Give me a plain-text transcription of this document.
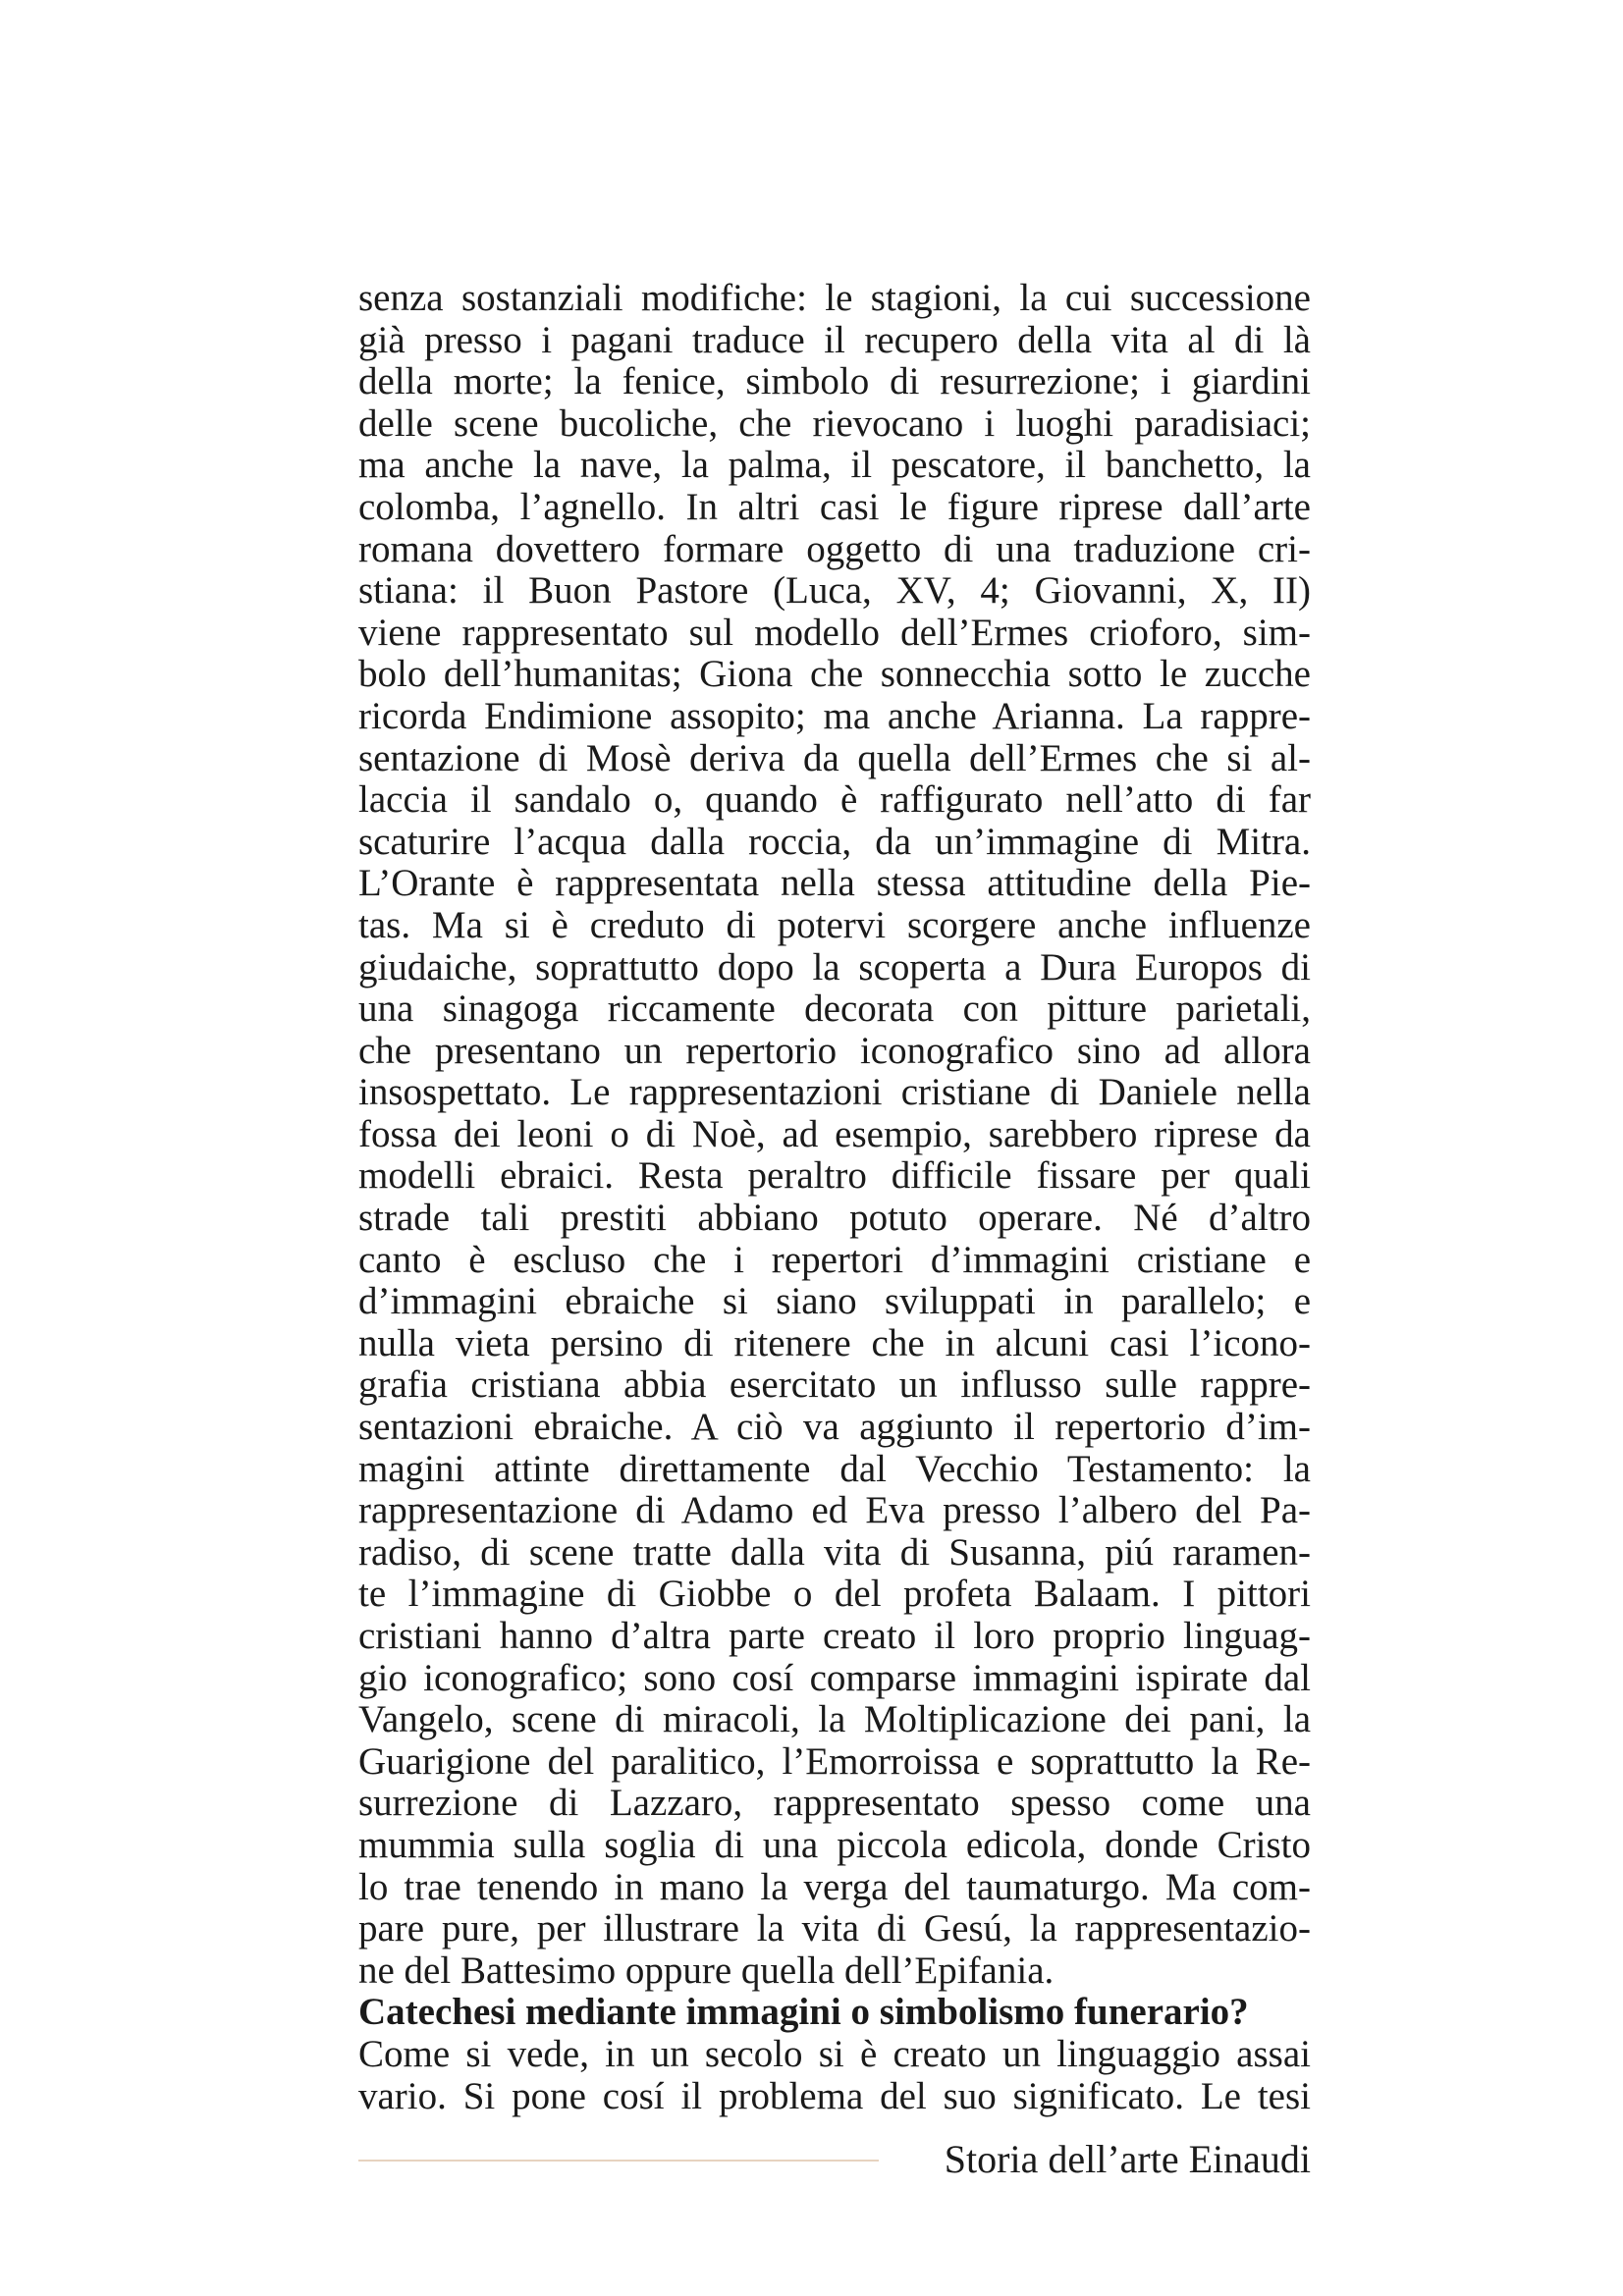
senza sostanziali modifiche: le stagioni, la cui successione
già presso i pagani traduce il recupero della vita al di là
della morte; la fenice, simbolo di resurrezione; i giardini
delle scene bucoliche, che rievocano i luoghi paradisiaci;
ma anche la nave, la palma, il pescatore, il banchetto, la
colomba, l’agnello. In altri casi le figure riprese dall’arte
romana dovettero formare oggetto di una traduzione cri-
stiana: il Buon Pastore (Luca, XV, 4; Giovanni, X, II)
viene rappresentato sul modello dell’Ermes crioforo, sim-
bolo dell’humanitas; Giona che sonnecchia sotto le zucche
ricorda Endimione assopito; ma anche Arianna. La rappre-
sentazione di Mosè deriva da quella dell’Ermes che si al-
laccia il sandalo o, quando è raffigurato nell’atto di far
scaturire l’acqua dalla roccia, da un’immagine di Mitra.
L’Orante è rappresentata nella stessa attitudine della Pie-
tas. Ma si è creduto di potervi scorgere anche influenze
giudaiche, soprattutto dopo la scoperta a Dura Europos di
una sinagoga riccamente decorata con pitture parietali,
che presentano un repertorio iconografico sino ad allora
insospettato. Le rappresentazioni cristiane di Daniele nella
fossa dei leoni o di Noè, ad esempio, sarebbero riprese da
modelli ebraici. Resta peraltro difficile fissare per quali
strade tali prestiti abbiano potuto operare. Né d’altro
canto è escluso che i repertori d’immagini cristiane e
d’immagini ebraiche si siano sviluppati in parallelo; e
nulla vieta persino di ritenere che in alcuni casi l’icono-
grafia cristiana abbia esercitato un influsso sulle rappre-
sentazioni ebraiche. A ciò va aggiunto il repertorio d’im-
magini attinte direttamente dal Vecchio Testamento: la
rappresentazione di Adamo ed Eva presso l’albero del Pa-
radiso, di scene tratte dalla vita di Susanna, piú raramen-
te l’immagine di Giobbe o del profeta Balaam. I pittori
cristiani hanno d’altra parte creato il loro proprio linguag-
gio iconografico; sono cosí comparse immagini ispirate dal
Vangelo, scene di miracoli, la Moltiplicazione dei pani, la
Guarigione del paralitico, l’Emorroissa e soprattutto la Re-
surrezione di Lazzaro, rappresentato spesso come una
mummia sulla soglia di una piccola edicola, donde Cristo
lo trae tenendo in mano la verga del taumaturgo. Ma com-
pare pure, per illustrare la vita di Gesú, la rappresentazio-
ne del Battesimo oppure quella dell’Epifania.
Catechesi mediante immagini o simbolismo funerario?
Come si vede, in un secolo si è creato un linguaggio assai
vario. Si pone cosí il problema del suo significato. Le tesi
Storia dell’arte Einaudi
